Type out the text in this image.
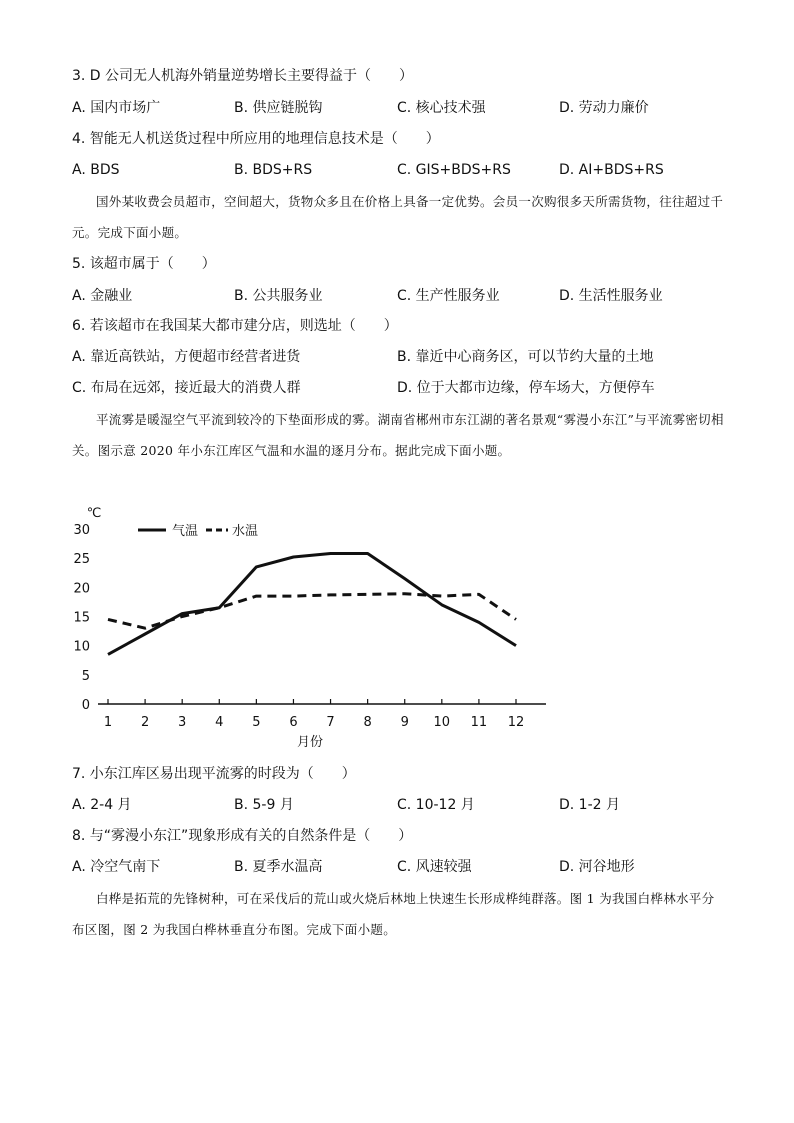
3. D 公司无人机海外销量逆势增长主要得益于（　　）
A. 国内市场广	B. 供应链脱钩	C. 核心技术强	D. 劳动力廉价
4. 智能无人机送货过程中所应用的地理信息技术是（　　）
A. BDS	B. BDS+RS	C. GIS+BDS+RS	D. AI+BDS+RS
国外某收费会员超市，空间超大，货物众多且在价格上具备一定优势。会员一次购很多天所需货物，往往超过千元。完成下面小题。
5. 该超市属于（　　）
A. 金融业	B. 公共服务业	C. 生产性服务业	D. 生活性服务业
6. 若该超市在我国某大都市建分店，则选址（　　）
A. 靠近高铁站，方便超市经营者进货	B. 靠近中心商务区，可以节约大量的土地
C. 布局在远郊，接近最大的消费人群	D. 位于大都市边缘，停车场大，方便停车
平流雾是暖湿空气平流到较冷的下垫面形成的雾。湖南省郴州市东江湖的著名景观“雾漫小东江”与平流雾密切相关。图示意 2020 年小东江库区气温和水温的逐月分布。据此完成下面小题。
1 2 3 4 5 6 7 8 9 10 11 12
0
5
10
15
20
25
30
℃
月份
气温	水温
7. 小东江库区易出现平流雾的时段为（　　）
A. 2-4 月	B. 5-9 月	C. 10-12 月	D. 1-2 月
8. 与“雾漫小东江”现象形成有关的自然条件是（　　）
A. 冷空气南下	B. 夏季水温高	C. 风速较强	D. 河谷地形
白桦是拓荒的先锋树种，可在采伐后的荒山或火烧后林地上快速生长形成桦纯群落。图 1 为我国白桦林水平分布区图，图 2 为我国白桦林垂直分布图。完成下面小题。
